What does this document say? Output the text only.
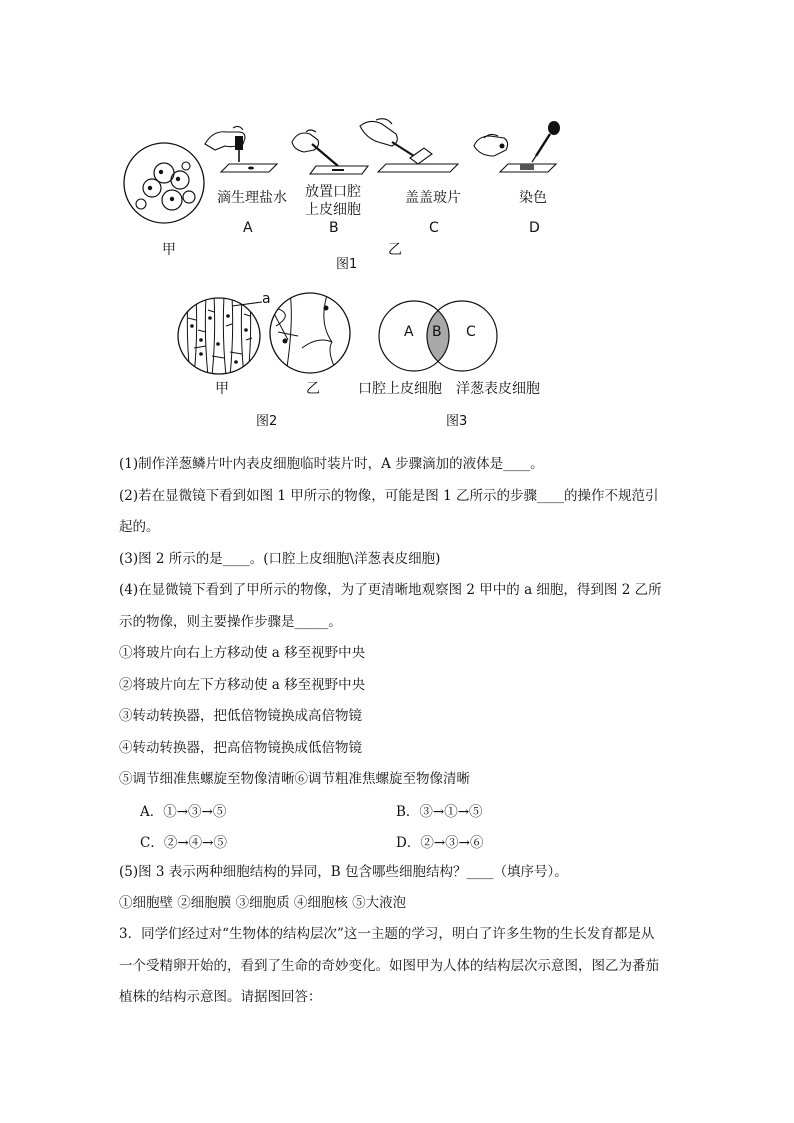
甲
滴生理盐水
A
放置口腔
上皮细胞
B
盖盖玻片
C
染色
D
乙
图1
a
甲	乙
图2
A B C
口腔上皮细胞 洋葱表皮细胞
图3
(1)制作洋葱鳞片叶内表皮细胞临时装片时，A 步骤滴加的液体是____。
(2)若在显微镜下看到如图 1 甲所示的物像，可能是图 1 乙所示的步骤____的操作不规范引
起的。
(3)图 2 所示的是____。(口腔上皮细胞\洋葱表皮细胞)
(4)在显微镜下看到了甲所示的物像，为了更清晰地观察图 2 甲中的 a 细胞，得到图 2 乙所
示的物像，则主要操作步骤是_____。
①将玻片向右上方移动使 a 移至视野中央
②将玻片向左下方移动使 a 移至视野中央
③转动转换器，把低倍物镜换成高倍物镜
④转动转换器，把高倍物镜换成低倍物镜
⑤调节细准焦螺旋至物像清晰⑥调节粗准焦螺旋至物像清晰
A．①→③→⑤	B．③→①→⑤
C．②→④→⑤	D．②→③→⑥
(5)图 3 表示两种细胞结构的异同，B 包含哪些细胞结构？____（填序号）。
①细胞壁 ②细胞膜 ③细胞质 ④细胞核 ⑤大液泡
3．同学们经过对“生物体的结构层次”这一主题的学习，明白了许多生物的生长发育都是从
一个受精卵开始的，看到了生命的奇妙变化。如图甲为人体的结构层次示意图，图乙为番茄
植株的结构示意图。请据图回答：
